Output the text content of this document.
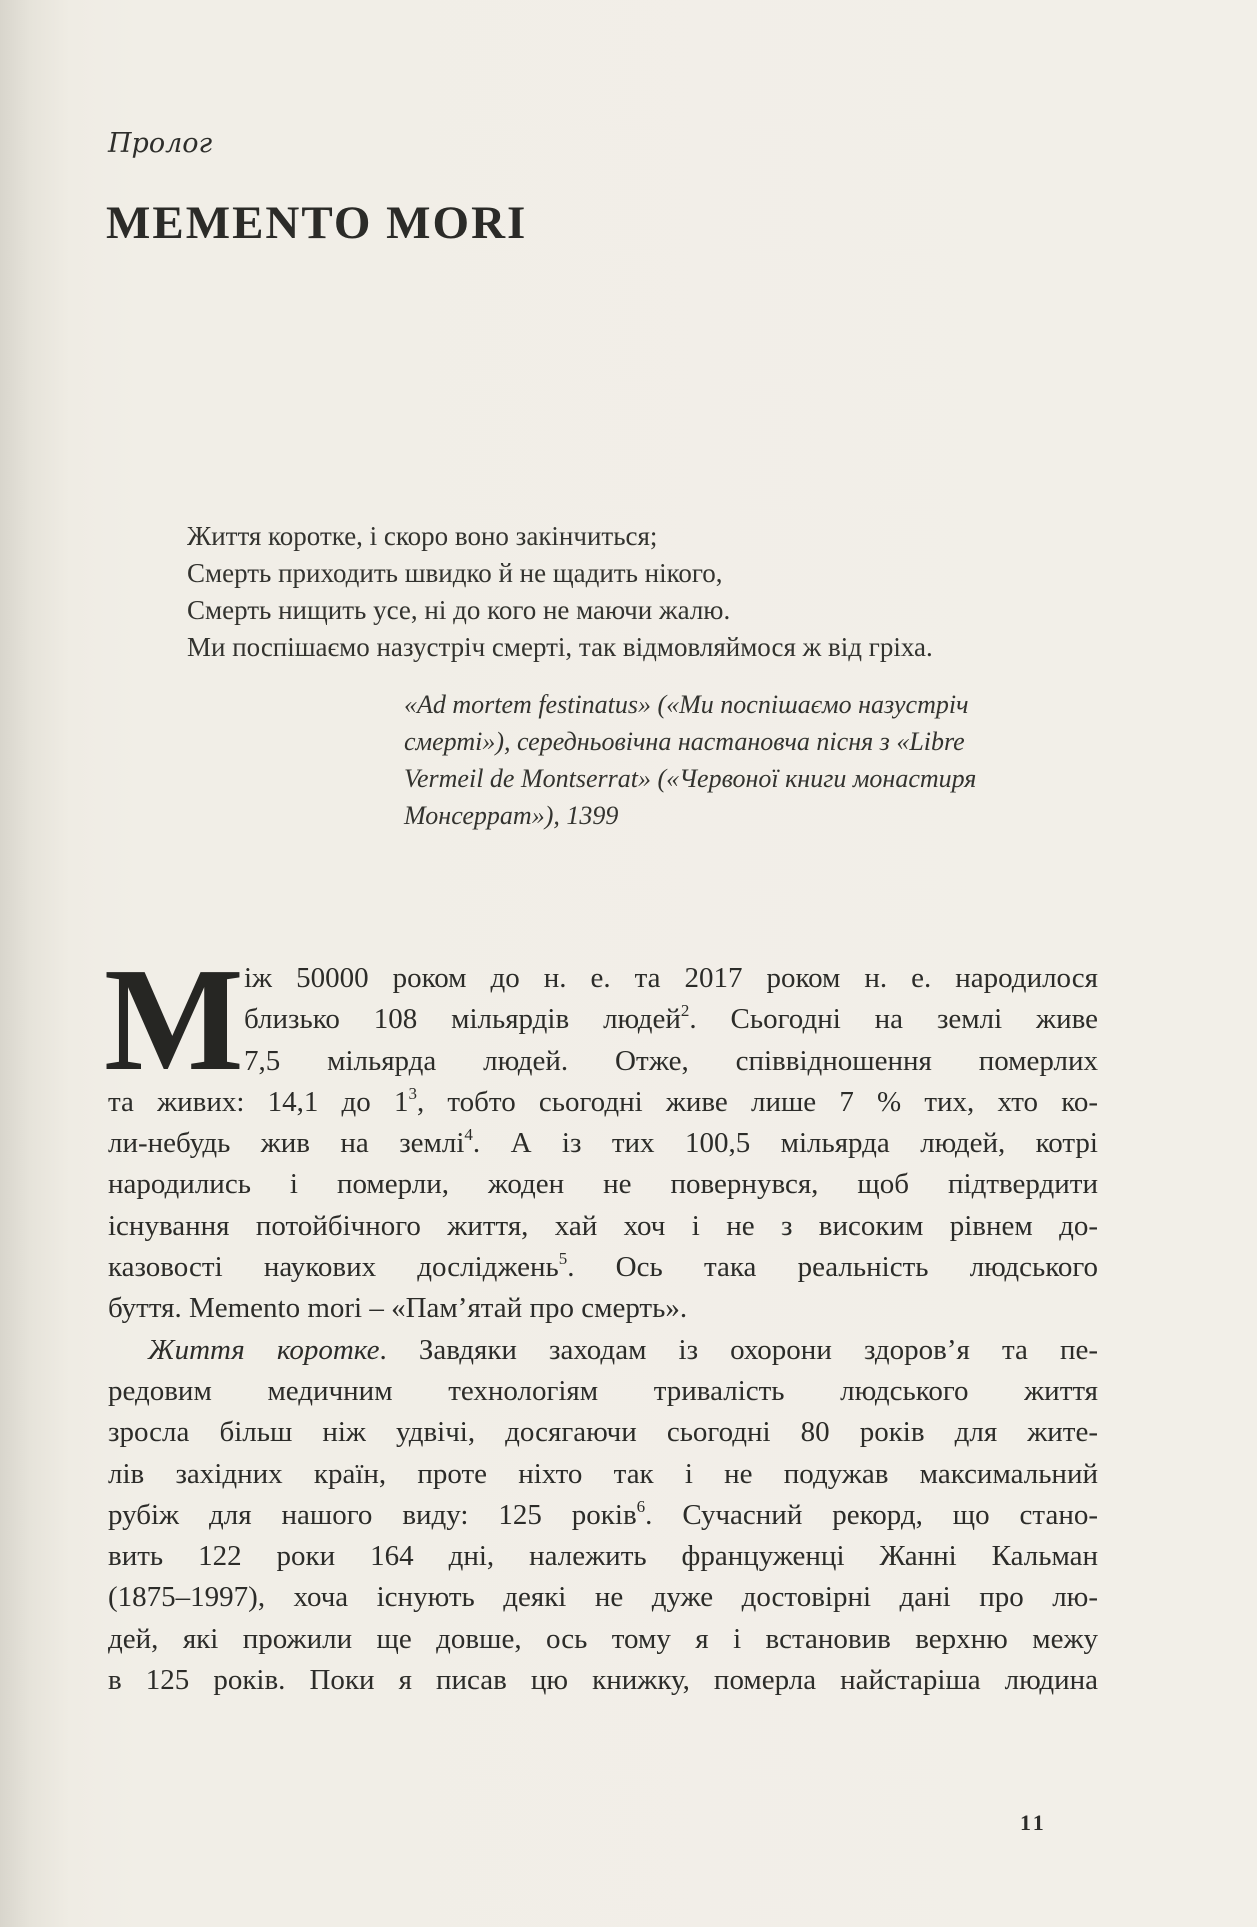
Пролог
MEMENTO MORI
Життя коротке, і скоро воно закінчиться;
Смерть приходить швидко й не щадить нікого,
Смерть нищить усе, ні до кого не маючи жалю.
Ми поспішаємо назустріч смерті, так відмовляймося ж від гріха.
«Ad mortem festinatus» («Ми поспішаємо назустріч
смерті»), середньовічна настановча пісня з «Libre
Vermeil de Montserrat» («Червоної книги монастиря
Монсеррат»), 1399
М іж 50000 роком до н. е. та 2017 роком н. е. народилося
близько 108 мільярдів людей$^2$. Сьогодні на землі живе
7,5 мільярда людей. Отже, співвідношення померлих
та живих: 14,1 до $1^3$, тобто сьогодні живе лише 7 % тих, хто ко-
ли-небудь жив на землі$^4$. А із тих 100,5 мільярда людей, котрі
народились і померли, жоден не повернувся, щоб підтвердити
існування потойбічного життя, хай хоч і не з високим рівнем до-
казовості наукових досліджень$^5$. Ось така реальність людського
буття. Memento mori – «Пам’ятай про смерть».
Життя коротке. Завдяки заходам із охорони здоров’я та пе-
редовим медичним технологіям тривалість людського життя
зросла більш ніж удвічі, досягаючи сьогодні 80 років для жите-
лів західних країн, проте ніхто так і не подужав максимальний
рубіж для нашого виду: 125 років$^6$. Сучасний рекорд, що стано-
вить 122 роки 164 дні, належить француженці Жанні Кальман
(1875–1997), хоча існують деякі не дуже достовірні дані про лю-
дей, які прожили ще довше, ось тому я і встановив верхню межу
в 125 років. Поки я писав цю книжку, померла найстаріша людина
11
